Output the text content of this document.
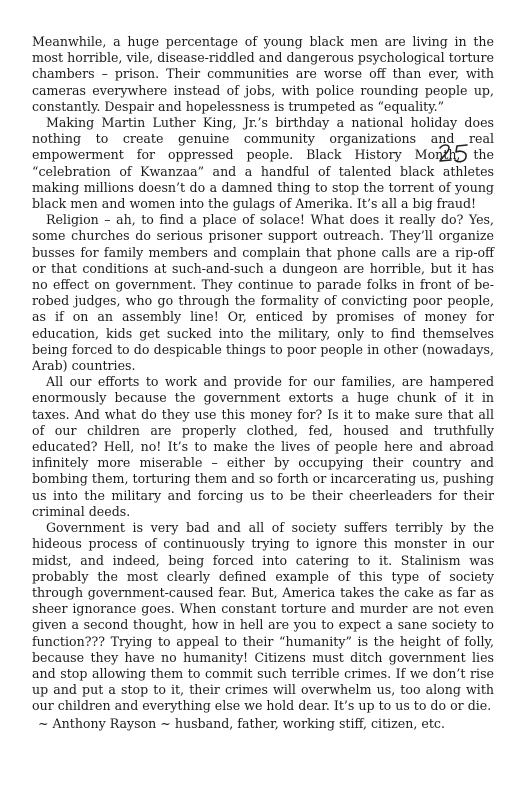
Meanwhile, a huge percentage of young black men are living in the most horrible, vile, disease-riddled and dangerous psychological torture chambers – prison. Their communities are worse off than ever, with cameras everywhere instead of jobs, with police rounding people up, constantly. Despair and hopelessness is trumpeted as “equality.”

Making Martin Luther King, Jr.’s birthday a national holiday does nothing to create genuine community organizations and real empowerment for oppressed people. Black History Month, the “celebration of Kwanzaa” and a handful of talented black athletes making millions doesn’t do a damned thing to stop the torrent of young black men and women into the gulags of Amerika. It’s all a big fraud!

Religion – ah, to find a place of solace! What does it really do? Yes, some churches do serious prisoner support outreach. They’ll organize busses for family members and complain that phone calls are a rip-off or that conditions at such-and-such a dungeon are horrible, but it has no effect on government. They continue to parade folks in front of be-robed judges, who go through the formality of convicting poor people, as if on an assembly line! Or, enticed by promises of money for education, kids get sucked into the military, only to find themselves being forced to do despicable things to poor people in other (nowadays, Arab) countries.

All our efforts to work and provide for our families, are hampered enormously because the government extorts a huge chunk of it in taxes. And what do they use this money for? Is it to make sure that all of our children are properly clothed, fed, housed and truthfully educated? Hell, no! It’s to make the lives of people here and abroad infinitely more miserable – either by occupying their country and bombing them, torturing them and so forth or incarcerating us, pushing us into the military and forcing us to be their cheerleaders for their criminal deeds.

Government is very bad and all of society suffers terribly by the hideous process of continuously trying to ignore this monster in our midst, and indeed, being forced into catering to it. Stalinism was probably the most clearly defined example of this type of society through government-caused fear. But, America takes the cake as far as sheer ignorance goes. When constant torture and murder are not even given a second thought, how in hell are you to expect a sane society to function??? Trying to appeal to their “humanity” is the height of folly, because they have no humanity! Citizens must ditch government lies and stop allowing them to commit such terrible crimes. If we don’t rise up and put a stop to it, their crimes will overwhelm us, too along with our children and everything else we hold dear. It’s up to us to do or die.

~ Anthony Rayson ~ husband, father, working stiff, citizen, etc.
